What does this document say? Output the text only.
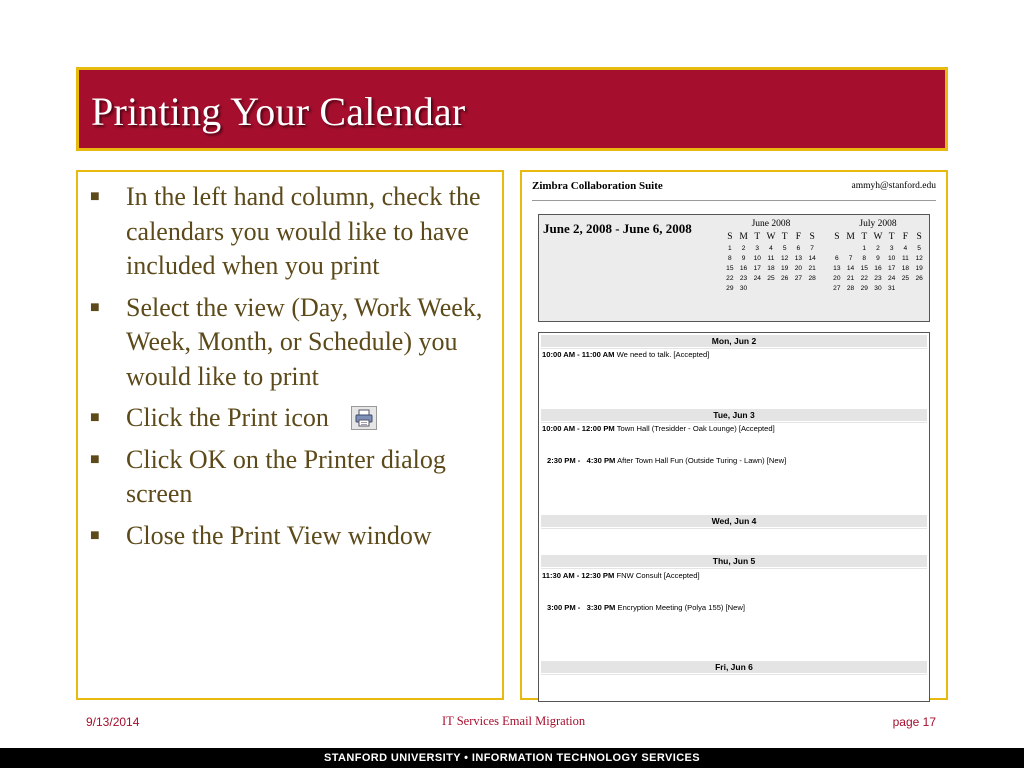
Printing Your Calendar
■ In the left hand column, check the calendars you would like to have included when you print
■ Select the view (Day, Work Week, Week, Month, or Schedule) you would like to print
■ Click the Print icon
■ Click OK on the Printer dialog screen
■ Close the Print View window
Zimbra Collaboration Suite	ammyh@stanford.edu
June 2, 2008 - June 6, 2008	June 2008
S	M	T	W	T	F	S
1	2	3	4	5	6	7
8	9	10	11	12	13	14
15	16	17	18	19	20	21
22	23	24	25	26	27	28
29	30					
July 2008
S	M	T	W	T	F	S
		1	2	3	4	5
6	7	8	9	10	11	12
13	14	15	16	17	18	19
20	21	22	23	24	25	26
27	28	29	30	31		
Mon, Jun 2
10:00 AM - 11:00 AM We need to talk. [Accepted]
Tue, Jun 3
10:00 AM - 12:00 PM Town Hall (Tresidder - Oak Lounge) [Accepted]
2:30 PM -   4:30 PM After Town Hall Fun (Outside Turing - Lawn) [New]
Wed, Jun 4
Thu, Jun 5
11:30 AM - 12:30 PM FNW Consult [Accepted]
3:00 PM -   3:30 PM Encryption Meeting (Polya 155) [New]
Fri, Jun 6
9/13/2014	IT Services Email Migration	page 17
STANFORD UNIVERSITY • INFORMATION TECHNOLOGY SERVICES
